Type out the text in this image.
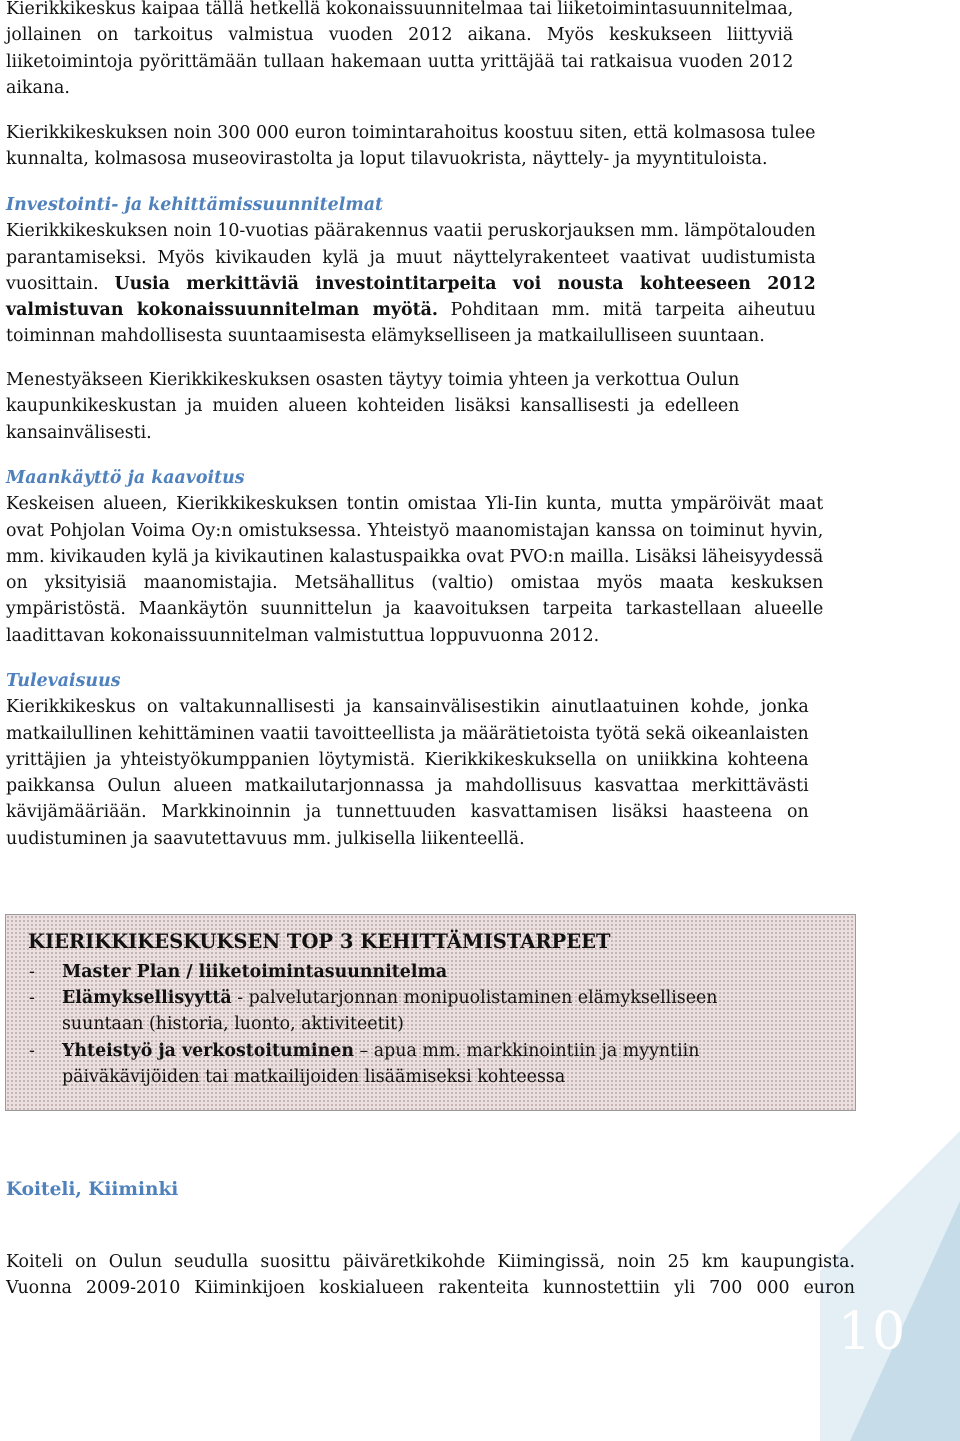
Kierikkikeskus kaipaa tällä hetkellä kokonaissuunnitelmaa tai liiketoimintasuunnitelmaa,
jollainen on tarkoitus valmistua vuoden 2012 aikana. Myös keskukseen liittyviä
liiketoimintoja pyörittämään tullaan hakemaan uutta yrittäjää tai ratkaisua vuoden 2012
aikana.

Kierikkikeskuksen noin 300 000 euron toimintarahoitus koostuu siten, että kolmasosa tulee
kunnalta, kolmasosa museovirastolta ja loput tilavuokrista, näyttely- ja myyntituloista.

Investointi- ja kehittämissuunnitelmat

Kierikkikeskuksen noin 10-vuotias päärakennus vaatii peruskorjauksen mm. lämpötalouden
parantamiseksi. Myös kivikauden kylä ja muut näyttelyrakenteet vaativat uudistumista
vuosittain. Uusia merkittäviä investointitarpeita voi nousta kohteeseen 2012
valmistuvan kokonaissuunnitelman myötä. Pohditaan mm. mitä tarpeita aiheutuu
toiminnan mahdollisesta suuntaamisesta elämykselliseen ja matkailulliseen suuntaan.

Menestyäkseen Kierikkikeskuksen osasten täytyy toimia yhteen ja verkottua Oulun
kaupunkikeskustan ja muiden alueen kohteiden lisäksi kansallisesti ja edelleen
kansainvälisesti.

Maankäyttö ja kaavoitus

Keskeisen alueen, Kierikkikeskuksen tontin omistaa Yli-Iin kunta, mutta ympäröivät maat
ovat Pohjolan Voima Oy:n omistuksessa. Yhteistyö maanomistajan kanssa on toiminut hyvin,
mm. kivikauden kylä ja kivikautinen kalastuspaikka ovat PVO:n mailla. Lisäksi läheisyydessä
on yksityisiä maanomistajia. Metsähallitus (valtio) omistaa myös maata keskuksen
ympäristöstä. Maankäytön suunnittelun ja kaavoituksen tarpeita tarkastellaan alueelle
laadittavan kokonaissuunnitelman valmistuttua loppuvuonna 2012.

Tulevaisuus

Kierikkikeskus on valtakunnallisesti ja kansainvälisestikin ainutlaatuinen kohde, jonka
matkailullinen kehittäminen vaatii tavoitteellista ja määrätietoista työtä sekä oikeanlaisten
yrittäjien ja yhteistyökumppanien löytymistä. Kierikkikeskuksella on uniikkina kohteena
paikkansa Oulun alueen matkailutarjonnassa ja mahdollisuus kasvattaa merkittävästi
kävijämääriään. Markkinoinnin ja tunnettuuden kasvattamisen lisäksi haasteena on
uudistuminen ja saavutettavuus mm. julkisella liikenteellä.

KIERIKKIKESKUKSEN TOP 3 KEHITTÄMISTARPEET

- Master Plan / liiketoimintasuunnitelma
- Elämyksellisyyttä - palvelutarjonnan monipuolistaminen elämykselliseen
suuntaan (historia, luonto, aktiviteetit)
- Yhteistyö ja verkostoituminen – apua mm. markkinointiin ja myyntiin
päiväkävijöiden tai matkailijoiden lisäämiseksi kohteessa
Koiteli, Kiiminki

Koiteli on Oulun seudulla suosittu päiväretkikohde Kiimingissä, noin 25 km kaupungista.
Vuonna 2009-2010 Kiiminkijoen koskialueen rakenteita kunnostettiin yli 700 000 euron

10
